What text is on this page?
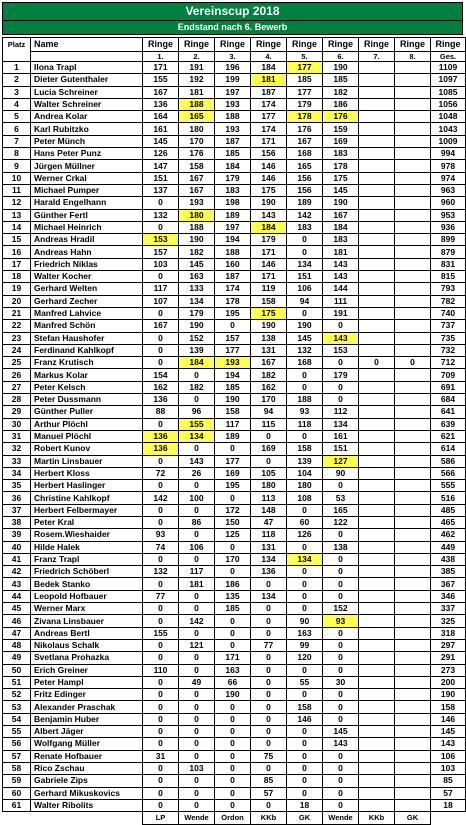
Vereinscup 2018
Endstand nach 6. Bewerb
Platz	Name	Ringe	Ringe	Ringe	Ringe	Ringe	Ringe	Ringe	Ringe	Ringe
		1.	2.	3.	4.	5.	6.	7.	8.	Ges.
1	Ilona Trapl	171	191	196	184	177	190			1109
2	Dieter Gutenthaler	155	192	199	181	185	185			1097
3	Lucia Schreiner	167	181	197	187	177	182			1085
4	Walter Schreiner	136	188	193	174	179	186			1056
5	Andrea Kolar	164	165	188	177	178	176			1048
6	Karl Rubitzko	161	180	193	174	176	159			1043
7	Peter Münch	145	170	187	171	167	169			1009
8	Hans Peter Punz	126	176	185	156	168	183			994
9	Jürgen Müllner	147	158	184	146	165	178			978
10	Werner Crkal	151	167	179	146	156	175			974
11	Michael Pumper	137	167	183	175	156	145			963
12	Harald Engelhann	0	193	198	190	189	190			960
13	Günther Fertl	132	180	189	143	142	167			953
14	Michael Heinrich	0	188	197	184	183	184			936
15	Andreas Hradil	153	190	194	179	0	183			899
16	Andreas Hahn	157	182	188	171	0	181			879
17	Friedrich Niklas	103	145	160	146	134	143			831
18	Walter Kocher	0	163	187	171	151	143			815
19	Gerhard Welten	117	133	174	119	106	144			793
20	Gerhard Zecher	107	134	178	158	94	111			782
21	Manfred Lahvice	0	179	195	175	0	191			740
22	Manfred Schön	167	190	0	190	190	0			737
23	Stefan Haushofer	0	152	157	138	145	143			735
24	Ferdinand Kahlkopf	0	139	177	131	132	153			732
25	Franz Krutisch	0	184	193	167	168	0	0	0	712
26	Markus Kolar	154	0	194	182	0	179			709
27	Peter Kelsch	162	182	185	162	0	0			691
28	Peter Dussmann	136	0	190	170	188	0			684
29	Günther Puller	88	96	158	94	93	112			641
30	Arthur Plöchl	0	155	117	115	118	134			639
31	Manuel Plöchl	136	134	189	0	0	161			621
32	Robert Kunov	136	0	0	169	158	151			614
33	Martin Linsbauer	0	143	177	0	139	127			586
34	Herbert Kloss	72	26	169	105	104	90			566
35	Herbert Haslinger	0	0	195	180	180	0			555
36	Christine Kahlkopf	142	100	0	113	108	53			516
37	Herbert Felbermayer	0	0	172	148	0	165			485
38	Peter Kral	0	86	150	47	60	122			465
39	Rosem.Wieshaider	93	0	125	118	126	0			462
40	Hilde Halek	74	106	0	131	0	138			449
41	Franz Trapl	0	0	170	134	134	0			438
42	Friedrich Schöberl	132	117	0	136	0	0			385
43	Bedek Stanko	0	181	186	0	0	0			367
44	Leopold Hofbauer	77	0	135	134	0	0			346
45	Werner Marx	0	0	185	0	0	152			337
46	Zivana Linsbauer	0	142	0	0	90	93			325
47	Andreas Bertl	155	0	0	0	163	0			318
48	Nikolaus Schalk	0	121	0	77	99	0			297
49	Svetlana Prohazka	0	0	171	0	120	0			291
50	Erich Greiner	110	0	163	0	0	0			273
51	Peter Hampl	0	49	66	0	55	30			200
52	Fritz Edinger	0	0	190	0	0	0			190
53	Alexander Praschak	0	0	0	0	158	0			158
54	Benjamin Huber	0	0	0	0	146	0			146
55	Albert Jäger	0	0	0	0	0	145			145
56	Wolfgang Müller	0	0	0	0	0	143			143
57	Renate Hofbauer	31	0	0	75	0	0			106
58	Rico Zschau	0	103	0	0	0	0			103
59	Gabriele Zips	0	0	0	85	0	0			85
60	Gerhard Mikuskovics	0	0	0	57	0	0			57
61	Walter Ribolits	0	0	0	0	18	0			18
		LP	Wende	Ordon	KKb	GK	Wende	KKb	GK	
